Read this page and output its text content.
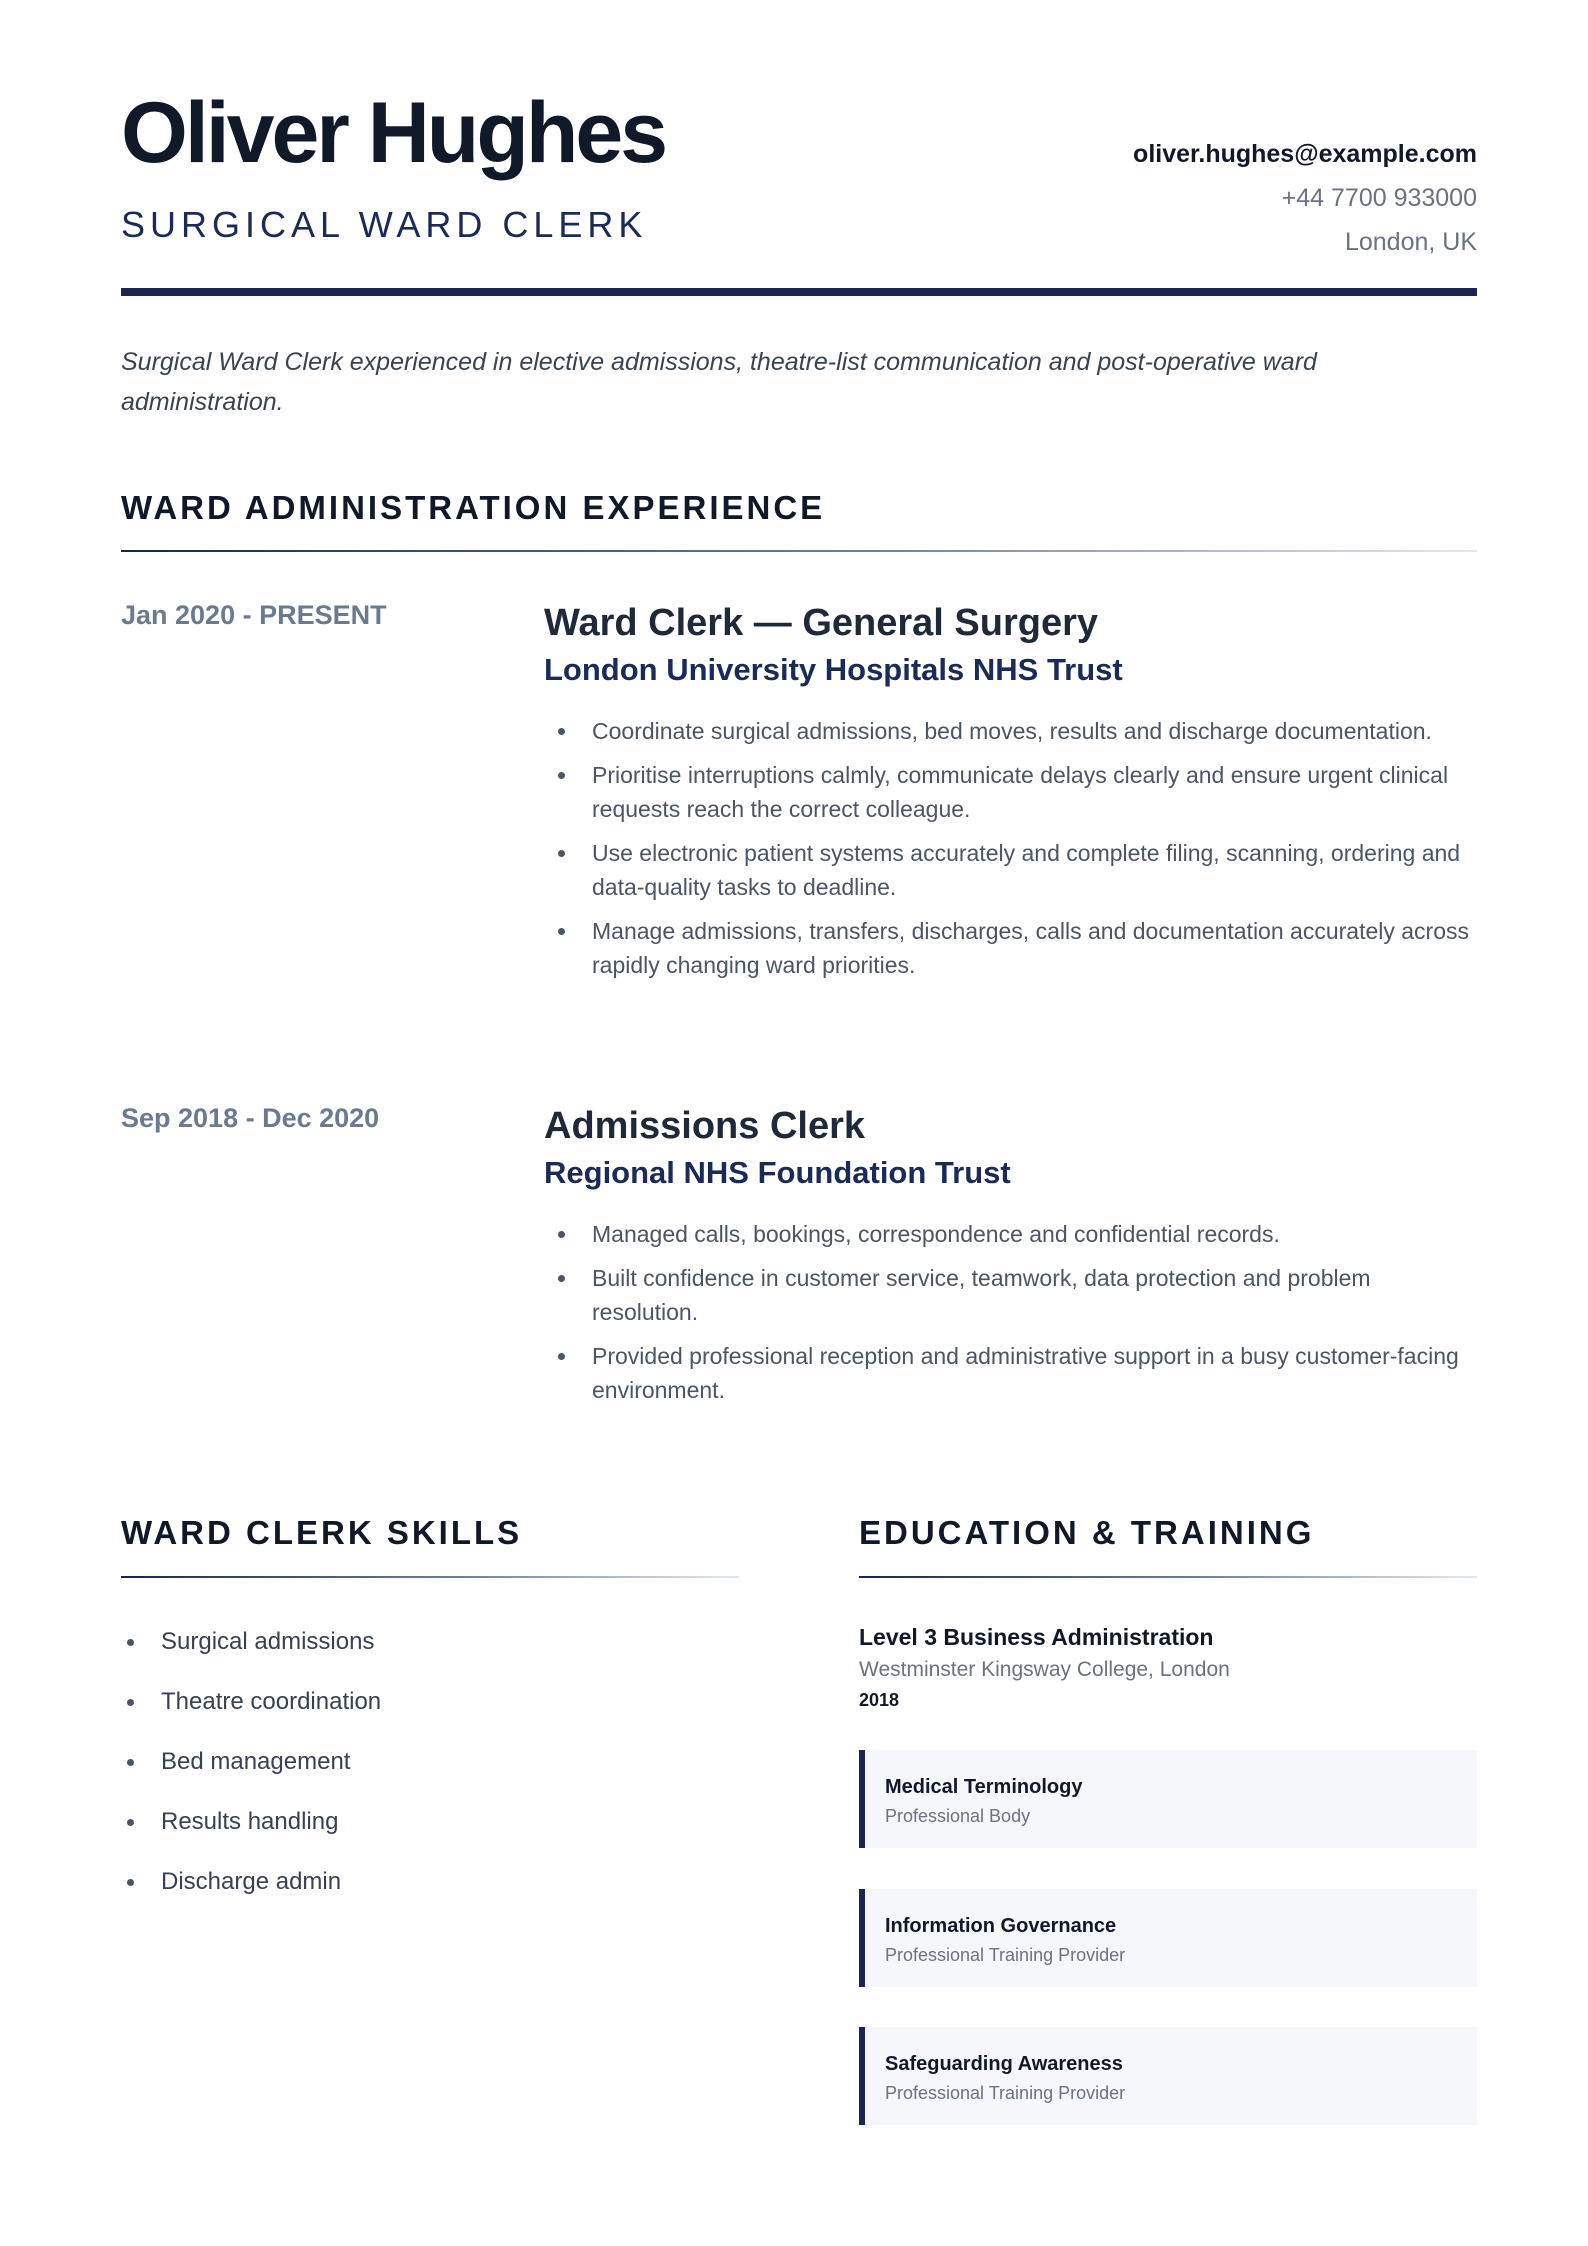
Oliver Hughes
SURGICAL WARD CLERK
oliver.hughes@example.com
+44 7700 933000
London, UK
Surgical Ward Clerk experienced in elective admissions, theatre-list communication and post-operative ward administration.
WARD ADMINISTRATION EXPERIENCE
Jan 2020 - PRESENT	Ward Clerk — General Surgery
London University Hospitals NHS Trust
Coordinate surgical admissions, bed moves, results and discharge documentation.
Prioritise interruptions calmly, communicate delays clearly and ensure urgent clinical requests reach the correct colleague.
Use electronic patient systems accurately and complete filing, scanning, ordering and data-quality tasks to deadline.
Manage admissions, transfers, discharges, calls and documentation accurately across rapidly changing ward priorities.
Sep 2018 - Dec 2020	Admissions Clerk
Regional NHS Foundation Trust
Managed calls, bookings, correspondence and confidential records.
Built confidence in customer service, teamwork, data protection and problem resolution.
Provided professional reception and administrative support in a busy customer-facing environment.
WARD CLERK SKILLS
Surgical admissions
Theatre coordination
Bed management
Results handling
Discharge admin
EDUCATION & TRAINING
Level 3 Business Administration
Westminster Kingsway College, London
2018
Medical Terminology
Professional Body
Information Governance
Professional Training Provider
Safeguarding Awareness
Professional Training Provider
